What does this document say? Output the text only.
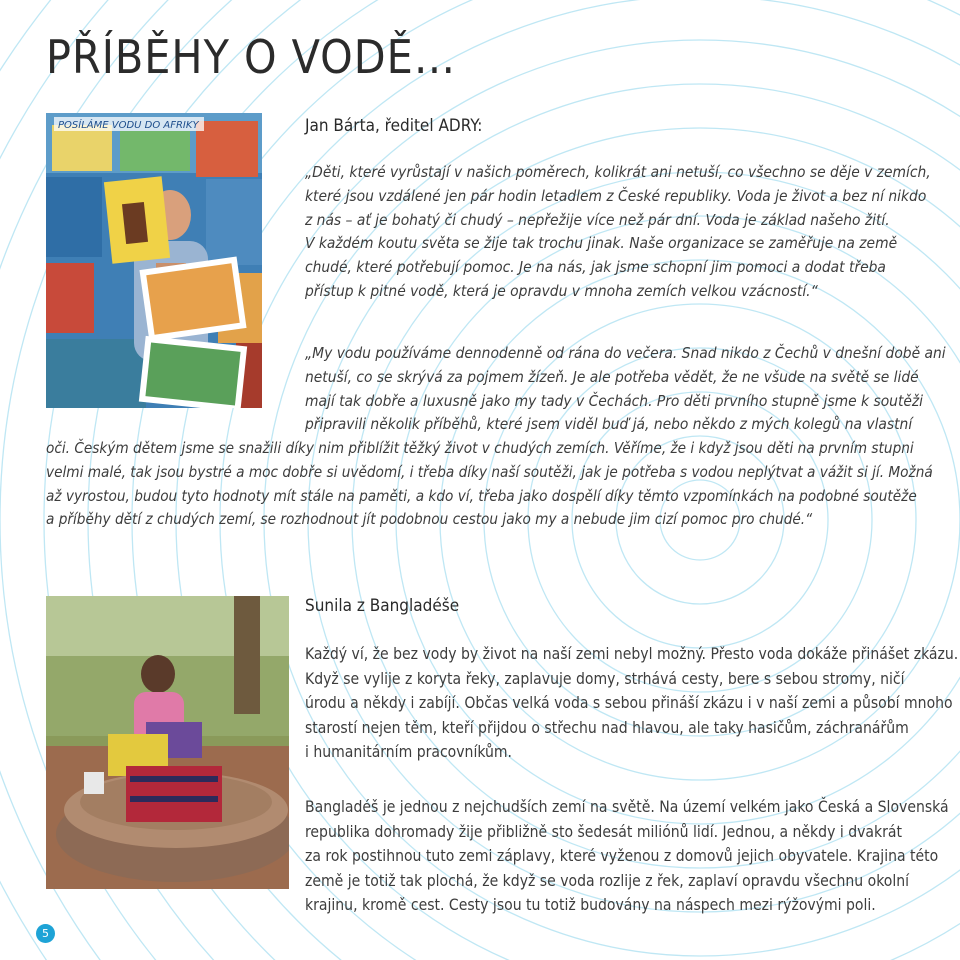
PŘÍBĚHY O VODĚ…
POSÍLÁME VODU DO AFRIKY	Jan Bárta, ředitel ADRY:
„Děti, které vyrůstají v našich poměrech, kolikrát ani netuší, co všechno se děje v zemích,
které jsou vzdálené jen pár hodin letadlem z České republiky. Voda je život a bez ní nikdo
z nás – ať je bohatý či chudý – nepřežije více než pár dní. Voda je základ našeho žití.
V každém koutu světa se žije tak trochu jinak. Naše organizace se zaměřuje na země
chudé, které potřebují pomoc. Je na nás, jak jsme schopní jim pomoci a dodat třeba
přístup k pitné vodě, která je opravdu v mnoha zemích velkou vzácností.“
„My vodu používáme dennodenně od rána do večera. Snad nikdo z Čechů v dnešní době ani
netuší, co se skrývá za pojmem žízeň. Je ale potřeba vědět, že ne všude na světě se lidé
mají tak dobře a luxusně jako my tady v Čechách. Pro děti prvního stupně jsme k soutěži
připravili několik příběhů, které jsem viděl buď já, nebo někdo z mých kolegů na vlastní
oči. Českým dětem jsme se snažili díky nim přiblížit těžký život v chudých zemích. Věříme, že i když jsou děti na prvním stupni
velmi malé, tak jsou bystré a moc dobře si uvědomí, i třeba díky naší soutěži, jak je potřeba s vodou neplýtvat a vážit si jí. Možná
až vyrostou, budou tyto hodnoty mít stále na paměti, a kdo ví, třeba jako dospělí díky těmto vzpomínkách na podobné soutěže
a příběhy dětí z chudých zemí, se rozhodnout jít podobnou cestou jako my a nebude jim cizí pomoc pro chudé.“
Sunila z Bangladéše
Každý ví, že bez vody by život na naší zemi nebyl možný. Přesto voda dokáže přinášet zkázu.
Když se vylije z koryta řeky, zaplavuje domy, strhává cesty, bere s sebou stromy, ničí
úrodu a někdy i zabíjí. Občas velká voda s sebou přináší zkázu i v naší zemi a působí mnoho
starostí nejen těm, kteří přijdou o střechu nad hlavou, ale taky hasičům, záchranářům
i humanitárním pracovníkům.
Bangladéš je jednou z nejchudších zemí na světě. Na území velkém jako Česká a Slovenská
republika dohromady žije přibližně sto šedesát miliónů lidí. Jednou, a někdy i dvakrát
za rok postihnou tuto zemi záplavy, které vyženou z domovů jejich obyvatele. Krajina této
země je totiž tak plochá, že když se voda rozlije z řek, zaplaví opravdu všechnu okolní
krajinu, kromě cest. Cesty jsou tu totiž budovány na náspech mezi rýžovými poli.
5
